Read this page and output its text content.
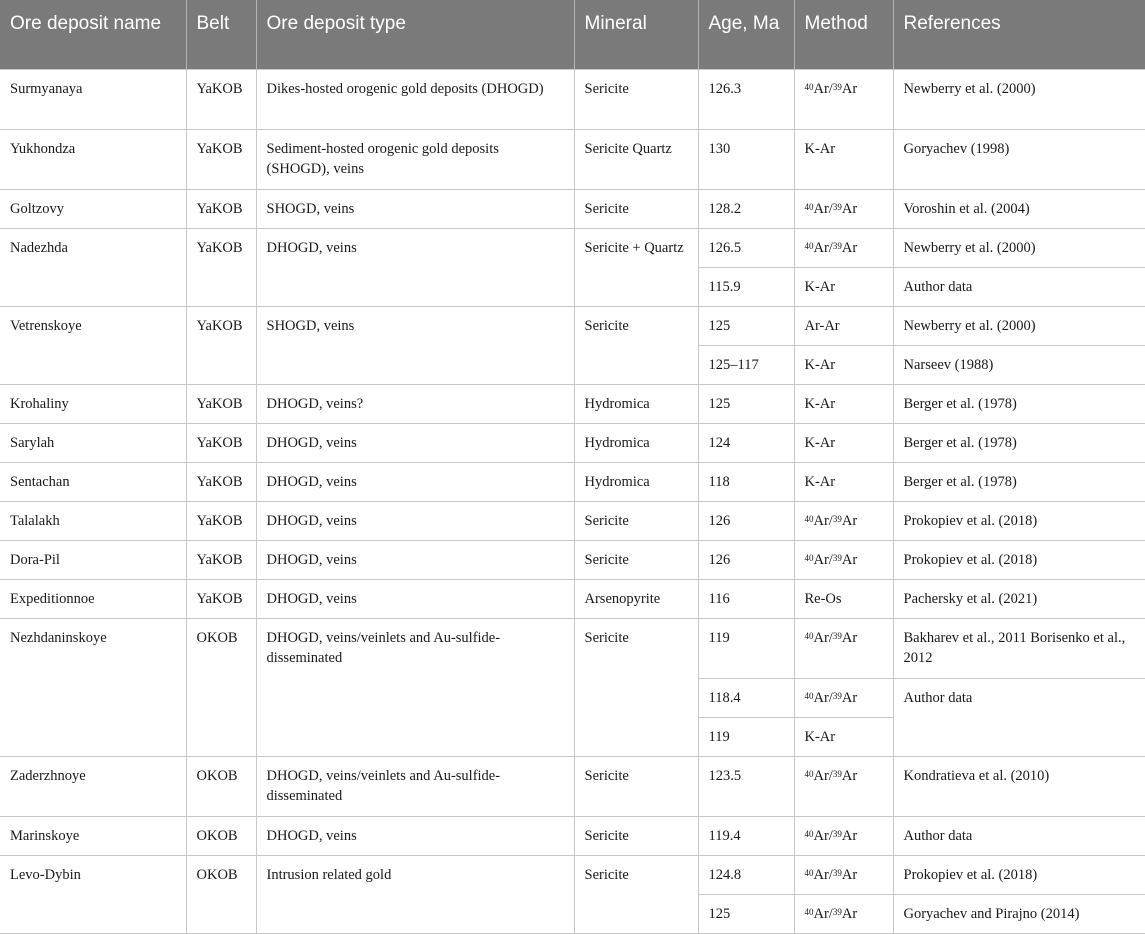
Ore deposit name	Belt	Ore deposit type	Mineral	Age, Ma	Method	References
Surmyanaya	YaKOB	Dikes-hosted orogenic gold deposits (DHOGD)	Sericite	126.3	$^{40}$Ar/$^{39}$Ar	Newberry et al. (2000)
Yukhondza	YaKOB	Sediment-hosted orogenic gold deposits (SHOGD), veins	Sericite Quartz	130	K-Ar	Goryachev (1998)
Goltzovy	YaKOB	SHOGD, veins	Sericite	128.2	$^{40}$Ar/$^{39}$Ar	Voroshin et al. (2004)
Nadezhda	YaKOB	DHOGD, veins	Sericite + Quartz	126.5	$^{40}$Ar/$^{39}$Ar	Newberry et al. (2000)
				115.9	K-Ar	Author data
Vetrenskoye	YaKOB	SHOGD, veins	Sericite	125	Ar-Ar	Newberry et al. (2000)
				125–117	K-Ar	Narseev (1988)
Krohaliny	YaKOB	DHOGD, veins?	Hydromica	125	K-Ar	Berger et al. (1978)
Sarylah	YaKOB	DHOGD, veins	Hydromica	124	K-Ar	Berger et al. (1978)
Sentachan	YaKOB	DHOGD, veins	Hydromica	118	K-Ar	Berger et al. (1978)
Talalakh	YaKOB	DHOGD, veins	Sericite	126	$^{40}$Ar/$^{39}$Ar	Prokopiev et al. (2018)
Dora-Pil	YaKOB	DHOGD, veins	Sericite	126	$^{40}$Ar/$^{39}$Ar	Prokopiev et al. (2018)
Expeditionnoe	YaKOB	DHOGD, veins	Arsenopyrite	116	Re-Os	Pachersky et al. (2021)
Nezhdaninskoye	OKOB	DHOGD, veins/veinlets and Au-sulfide-disseminated	Sericite	119	$^{40}$Ar/$^{39}$Ar	Bakharev et al., 2011 Borisenko et al., 2012
				118.4	$^{40}$Ar/$^{39}$Ar	Author data
				119	K-Ar	
Zaderzhnoye	OKOB	DHOGD, veins/veinlets and Au-sulfide-disseminated	Sericite	123.5	$^{40}$Ar/$^{39}$Ar	Kondratieva et al. (2010)
Marinskoye	OKOB	DHOGD, veins	Sericite	119.4	$^{40}$Ar/$^{39}$Ar	Author data
Levo-Dybin	OKOB	Intrusion related gold	Sericite	124.8	$^{40}$Ar/$^{39}$Ar	Prokopiev et al. (2018)
				125	$^{40}$Ar/$^{39}$Ar	Goryachev and Pirajno (2014)
